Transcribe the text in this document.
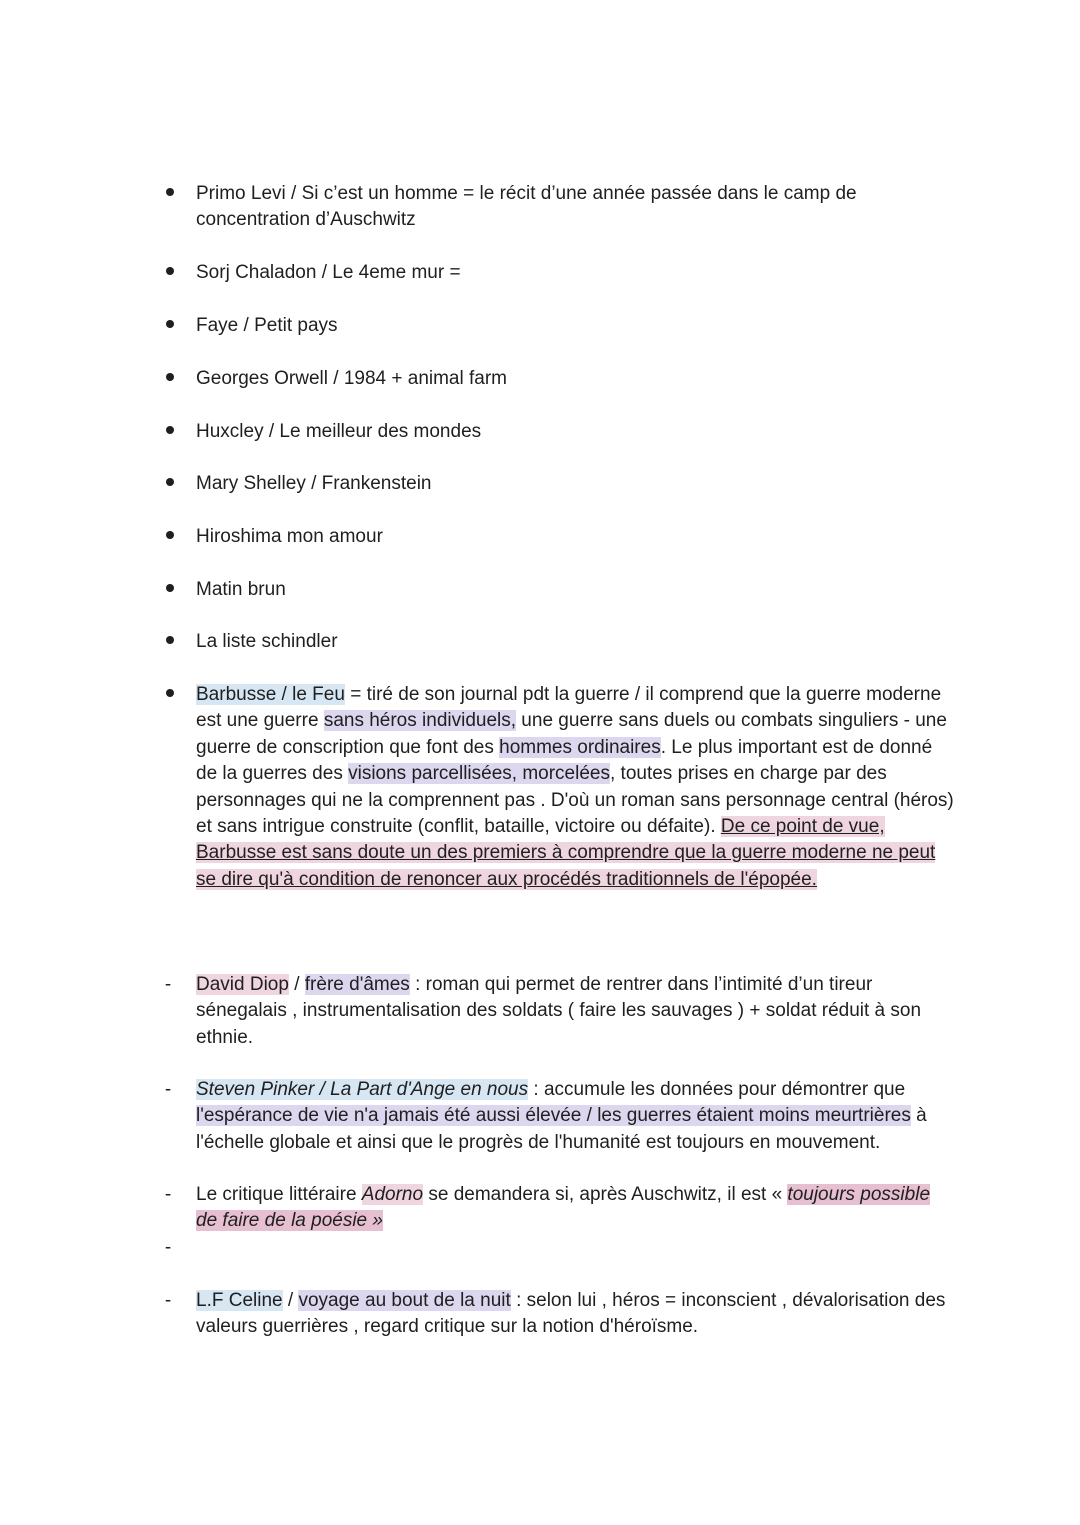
Primo Levi / Si c’est un homme = le récit d’une année passée dans le camp de concentration d’Auschwitz
Sorj Chaladon / Le 4eme mur =
Faye / Petit pays
Georges Orwell / 1984 + animal farm
Huxcley / Le meilleur des mondes
Mary Shelley / Frankenstein
Hiroshima mon amour
Matin brun
La liste schindler
Barbusse / le Feu = tiré de son journal pdt la guerre / il comprend que la guerre moderne est une guerre sans héros individuels, une guerre sans duels ou combats singuliers - une guerre de conscription que font des hommes ordinaires. Le plus important est de donné de la guerres des visions parcellisées, morcelées, toutes prises en charge par des personnages qui ne la comprennent pas . D'où un roman sans personnage central (héros) et sans intrigue construite (conflit, bataille, victoire ou défaite). De ce point de vue, Barbusse est sans doute un des premiers à comprendre que la guerre moderne ne peut se dire qu'à condition de renoncer aux procédés traditionnels de l'épopée.
-	David Diop / frère d'âmes : roman qui permet de rentrer dans l’intimité d’un tireur sénegalais , instrumentalisation des soldats ( faire les sauvages ) + soldat réduit à son ethnie.
-	Steven Pinker / La Part d'Ange en nous : accumule les données pour démontrer que l'espérance de vie n'a jamais été aussi élevée / les guerres étaient moins meurtrières à l'échelle globale et ainsi que le progrès de l'humanité est toujours en mouvement.
-	Le critique littéraire Adorno se demandera si, après Auschwitz, il est « toujours possible de faire de la poésie »
-
-	L.F Celine / voyage au bout de la nuit : selon lui , héros = inconscient , dévalorisation des valeurs guerrières , regard critique sur la notion d'héroïsme.
